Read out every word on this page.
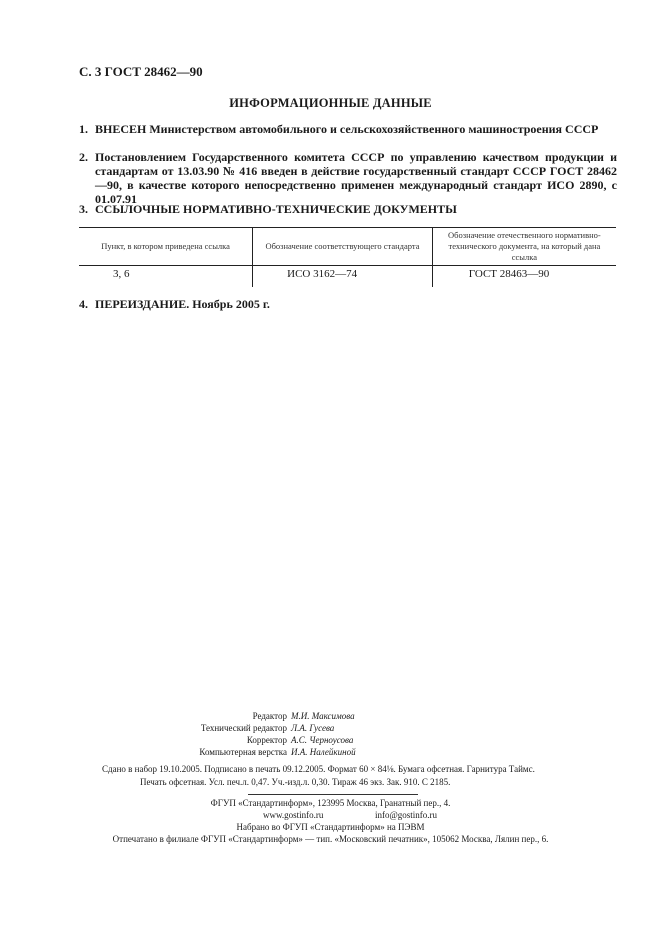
С. 3 ГОСТ 28462—90
ИНФОРМАЦИОННЫЕ ДАННЫЕ
1. ВНЕСЕН Министерством автомобильного и сельскохозяйственного машиностроения СССР
2. Постановлением Государственного комитета СССР по управлению качеством продукции и стандартам от 13.03.90 № 416 введен в действие государственный стандарт СССР ГОСТ 28462—90, в качестве которого непосредственно применен международный стандарт ИСО 2890, с 01.07.91
3. ССЫЛОЧНЫЕ НОРМАТИВНО-ТЕХНИЧЕСКИЕ ДОКУМЕНТЫ
Пункт, в котором приведена ссылка	Обозначение соответствующего стандарта	Обозначение отечественного нормативно-технического документа, на который дана ссылка
3, 6	ИСО 3162—74	ГОСТ 28463—90
4. ПЕРЕИЗДАНИЕ. Ноябрь 2005 г.
Редактор М.И. Максимова
Технический редактор Л.А. Гусева
Корректор А.С. Черноусова
Компьютерная верстка И.А. Налейкиной
Сдано в набор 19.10.2005. Подписано в печать 09.12.2005. Формат 60 × 84⅛. Бумага офсетная. Гарнитура Таймс.
Печать офсетная. Усл. печ.л. 0,47. Уч.-изд.л. 0,30. Тираж 46 экз. Зак. 910. С 2185.
ФГУП «Стандартинформ», 123995 Москва, Гранатный пер., 4.
www.gostinfo.ru	info@gostinfo.ru
Набрано во ФГУП «Стандартинформ» на ПЭВМ
Отпечатано в филиале ФГУП «Стандартинформ» — тип. «Московский печатник», 105062 Москва, Лялин пер., 6.
